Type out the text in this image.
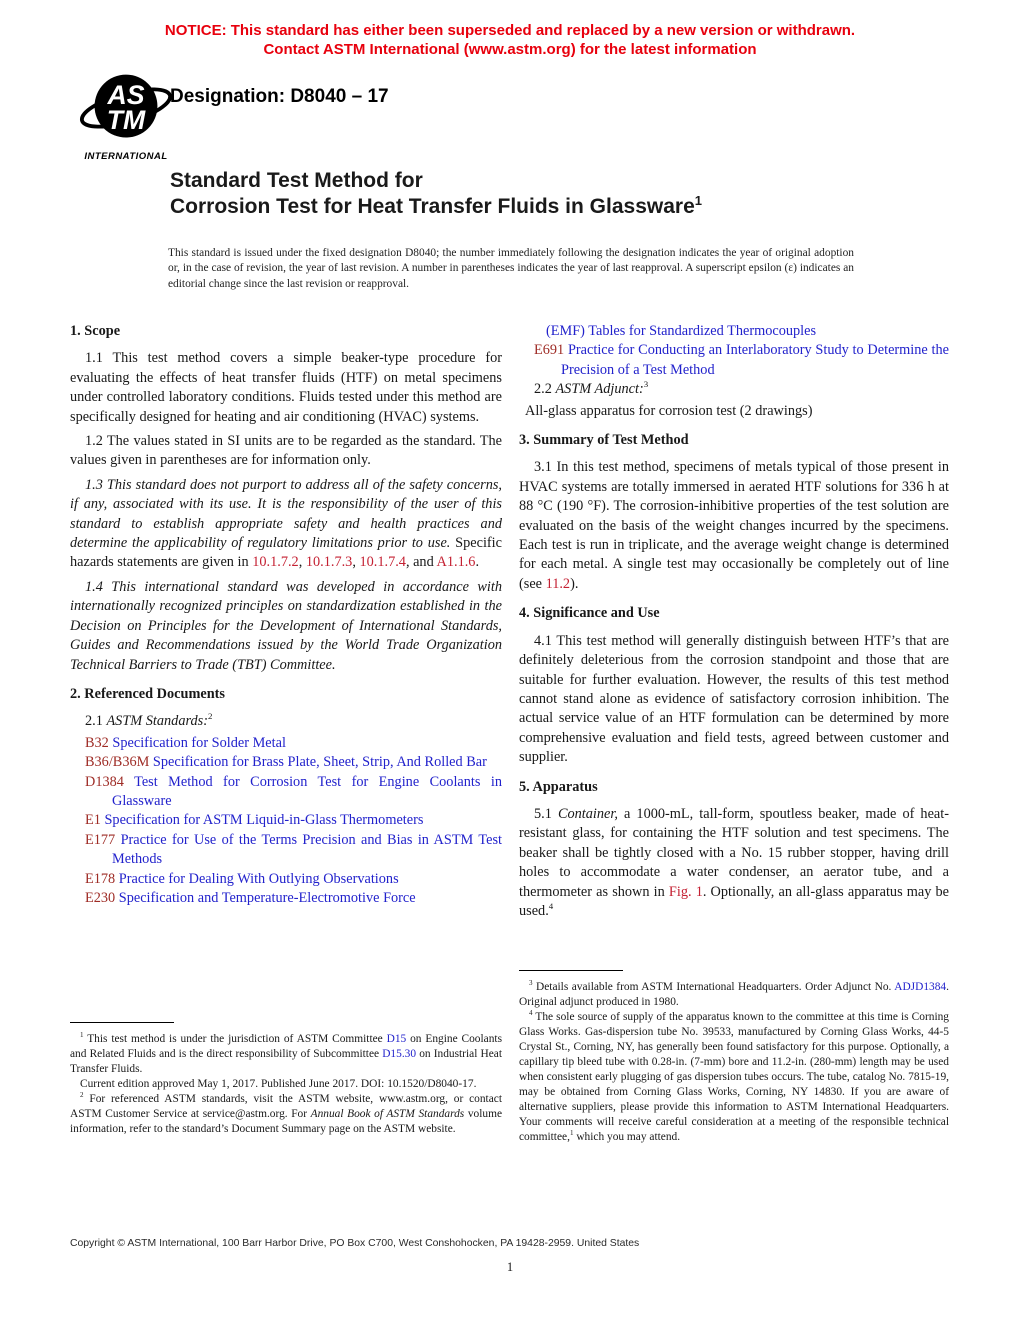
NOTICE: This standard has either been superseded and replaced by a new version or withdrawn.
Contact ASTM International (www.astm.org) for the latest information
AS
TM
INTERNATIONAL
Designation: D8040 – 17
Standard Test Method for
Corrosion Test for Heat Transfer Fluids in Glassware$^1$
This standard is issued under the fixed designation D8040; the number immediately following the designation indicates the year of original adoption or, in the case of revision, the year of last revision. A number in parentheses indicates the year of last reapproval. A superscript epsilon (ε) indicates an editorial change since the last revision or reapproval.
1. Scope

1.1 This test method covers a simple beaker-type procedure for evaluating the effects of heat transfer fluids (HTF) on metal specimens under controlled laboratory conditions. Fluids tested under this method are specifically designed for heating and air conditioning (HVAC) systems.

1.2 The values stated in SI units are to be regarded as the standard. The values given in parentheses are for information only.

1.3 This standard does not purport to address all of the safety concerns, if any, associated with its use. It is the responsibility of the user of this standard to establish appropriate safety and health practices and determine the applicability of regulatory limitations prior to use. Specific hazards statements are given in 10.1.7.2, 10.1.7.3, 10.1.7.4, and A1.1.6.

1.4 This international standard was developed in accordance with internationally recognized principles on standardization established in the Decision on Principles for the Development of International Standards, Guides and Recommendations issued by the World Trade Organization Technical Barriers to Trade (TBT) Committee.

2. Referenced Documents

2.1 ASTM Standards:$^2$

B32 Specification for Solder Metal
B36/B36M Specification for Brass Plate, Sheet, Strip, And Rolled Bar
D1384 Test Method for Corrosion Test for Engine Coolants in Glassware
E1 Specification for ASTM Liquid-in-Glass Thermometers
E177 Practice for Use of the Terms Precision and Bias in ASTM Test Methods
E178 Practice for Dealing With Outlying Observations
E230 Specification and Temperature-Electromotive Force
(EMF) Tables for Standardized Thermocouples
E691 Practice for Conducting an Interlaboratory Study to Determine the Precision of a Test Method

2.2 ASTM Adjunct:$^3$

All-glass apparatus for corrosion test (2 drawings)
3. Summary of Test Method

3.1 In this test method, specimens of metals typical of those present in HVAC systems are totally immersed in aerated HTF solutions for 336 h at 88 °C (190 °F). The corrosion-inhibitive properties of the test solution are evaluated on the basis of the weight changes incurred by the specimens. Each test is run in triplicate, and the average weight change is determined for each metal. A single test may occasionally be completely out of line (see 11.2).

4. Significance and Use

4.1 This test method will generally distinguish between HTF’s that are definitely deleterious from the corrosion standpoint and those that are suitable for further evaluation. However, the results of this test method cannot stand alone as evidence of satisfactory corrosion inhibition. The actual service value of an HTF formulation can be determined by more comprehensive evaluation and field tests, agreed between customer and supplier.

5. Apparatus

5.1 Container, a 1000-mL, tall-form, spoutless beaker, made of heat-resistant glass, for containing the HTF solution and test specimens. The beaker shall be tightly closed with a No. 15 rubber stopper, having drill holes to accommodate a water condenser, an aerator tube, and a thermometer as shown in Fig. 1. Optionally, an all-glass apparatus may be used.$^4$

$^1$ This test method is under the jurisdiction of ASTM Committee D15 on Engine Coolants and Related Fluids and is the direct responsibility of Subcommittee D15.30 on Industrial Heat Transfer Fluids.

Current edition approved May 1, 2017. Published June 2017. DOI: 10.1520/D8040-17.

$^2$ For referenced ASTM standards, visit the ASTM website, www.astm.org, or contact ASTM Customer Service at service@astm.org. For Annual Book of ASTM Standards volume information, refer to the standard’s Document Summary page on the ASTM website.

$^3$ Details available from ASTM International Headquarters. Order Adjunct No. ADJD1384. Original adjunct produced in 1980.

$^4$ The sole source of supply of the apparatus known to the committee at this time is Corning Glass Works. Gas-dispersion tube No. 39533, manufactured by Corning Glass Works, 44-5 Crystal St., Corning, NY, has generally been found satisfactory for this purpose. Optionally, a capillary tip bleed tube with 0.28-in. (7-mm) bore and 11.2-in. (280-mm) length may be used when consistent early plugging of gas dispersion tubes occurs. The tube, catalog No. 7815-19, may be obtained from Corning Glass Works, Corning, NY 14830. If you are aware of alternative suppliers, please provide this information to ASTM International Headquarters. Your comments will receive careful consideration at a meeting of the responsible technical committee,$^1$ which you may attend.

Copyright © ASTM International, 100 Barr Harbor Drive, PO Box C700, West Conshohocken, PA 19428-2959. United States
1
